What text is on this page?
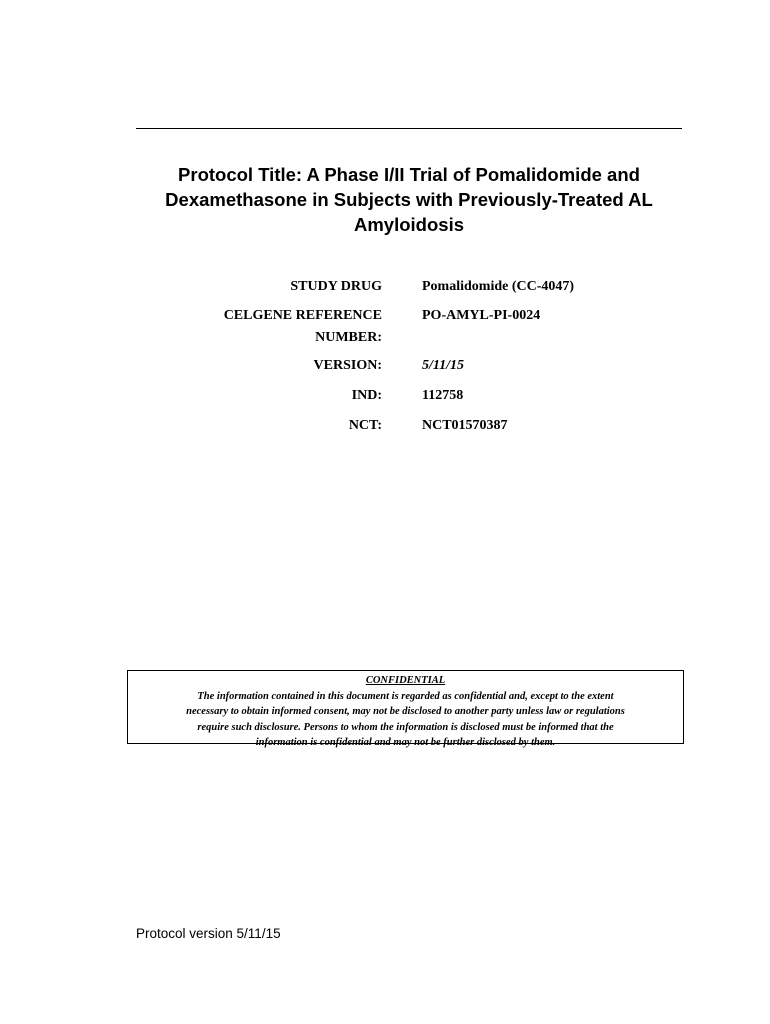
Protocol Title: A Phase I/II Trial of Pomalidomide and
Dexamethasone in Subjects with Previously-Treated AL
Amyloidosis
STUDY DRUG	Pomalidomide (CC-4047)
CELGENE REFERENCE NUMBER:
PO-AMYL-PI-0024
VERSION:	5/11/15
IND:	112758
NCT:	NCT01570387
CONFIDENTIAL
The information contained in this document is regarded as confidential and, except to the extent
necessary to obtain informed consent, may not be disclosed to another party unless law or regulations
require such disclosure. Persons to whom the information is disclosed must be informed that the
information is confidential and may not be further disclosed by them.
Protocol version 5/11/15
